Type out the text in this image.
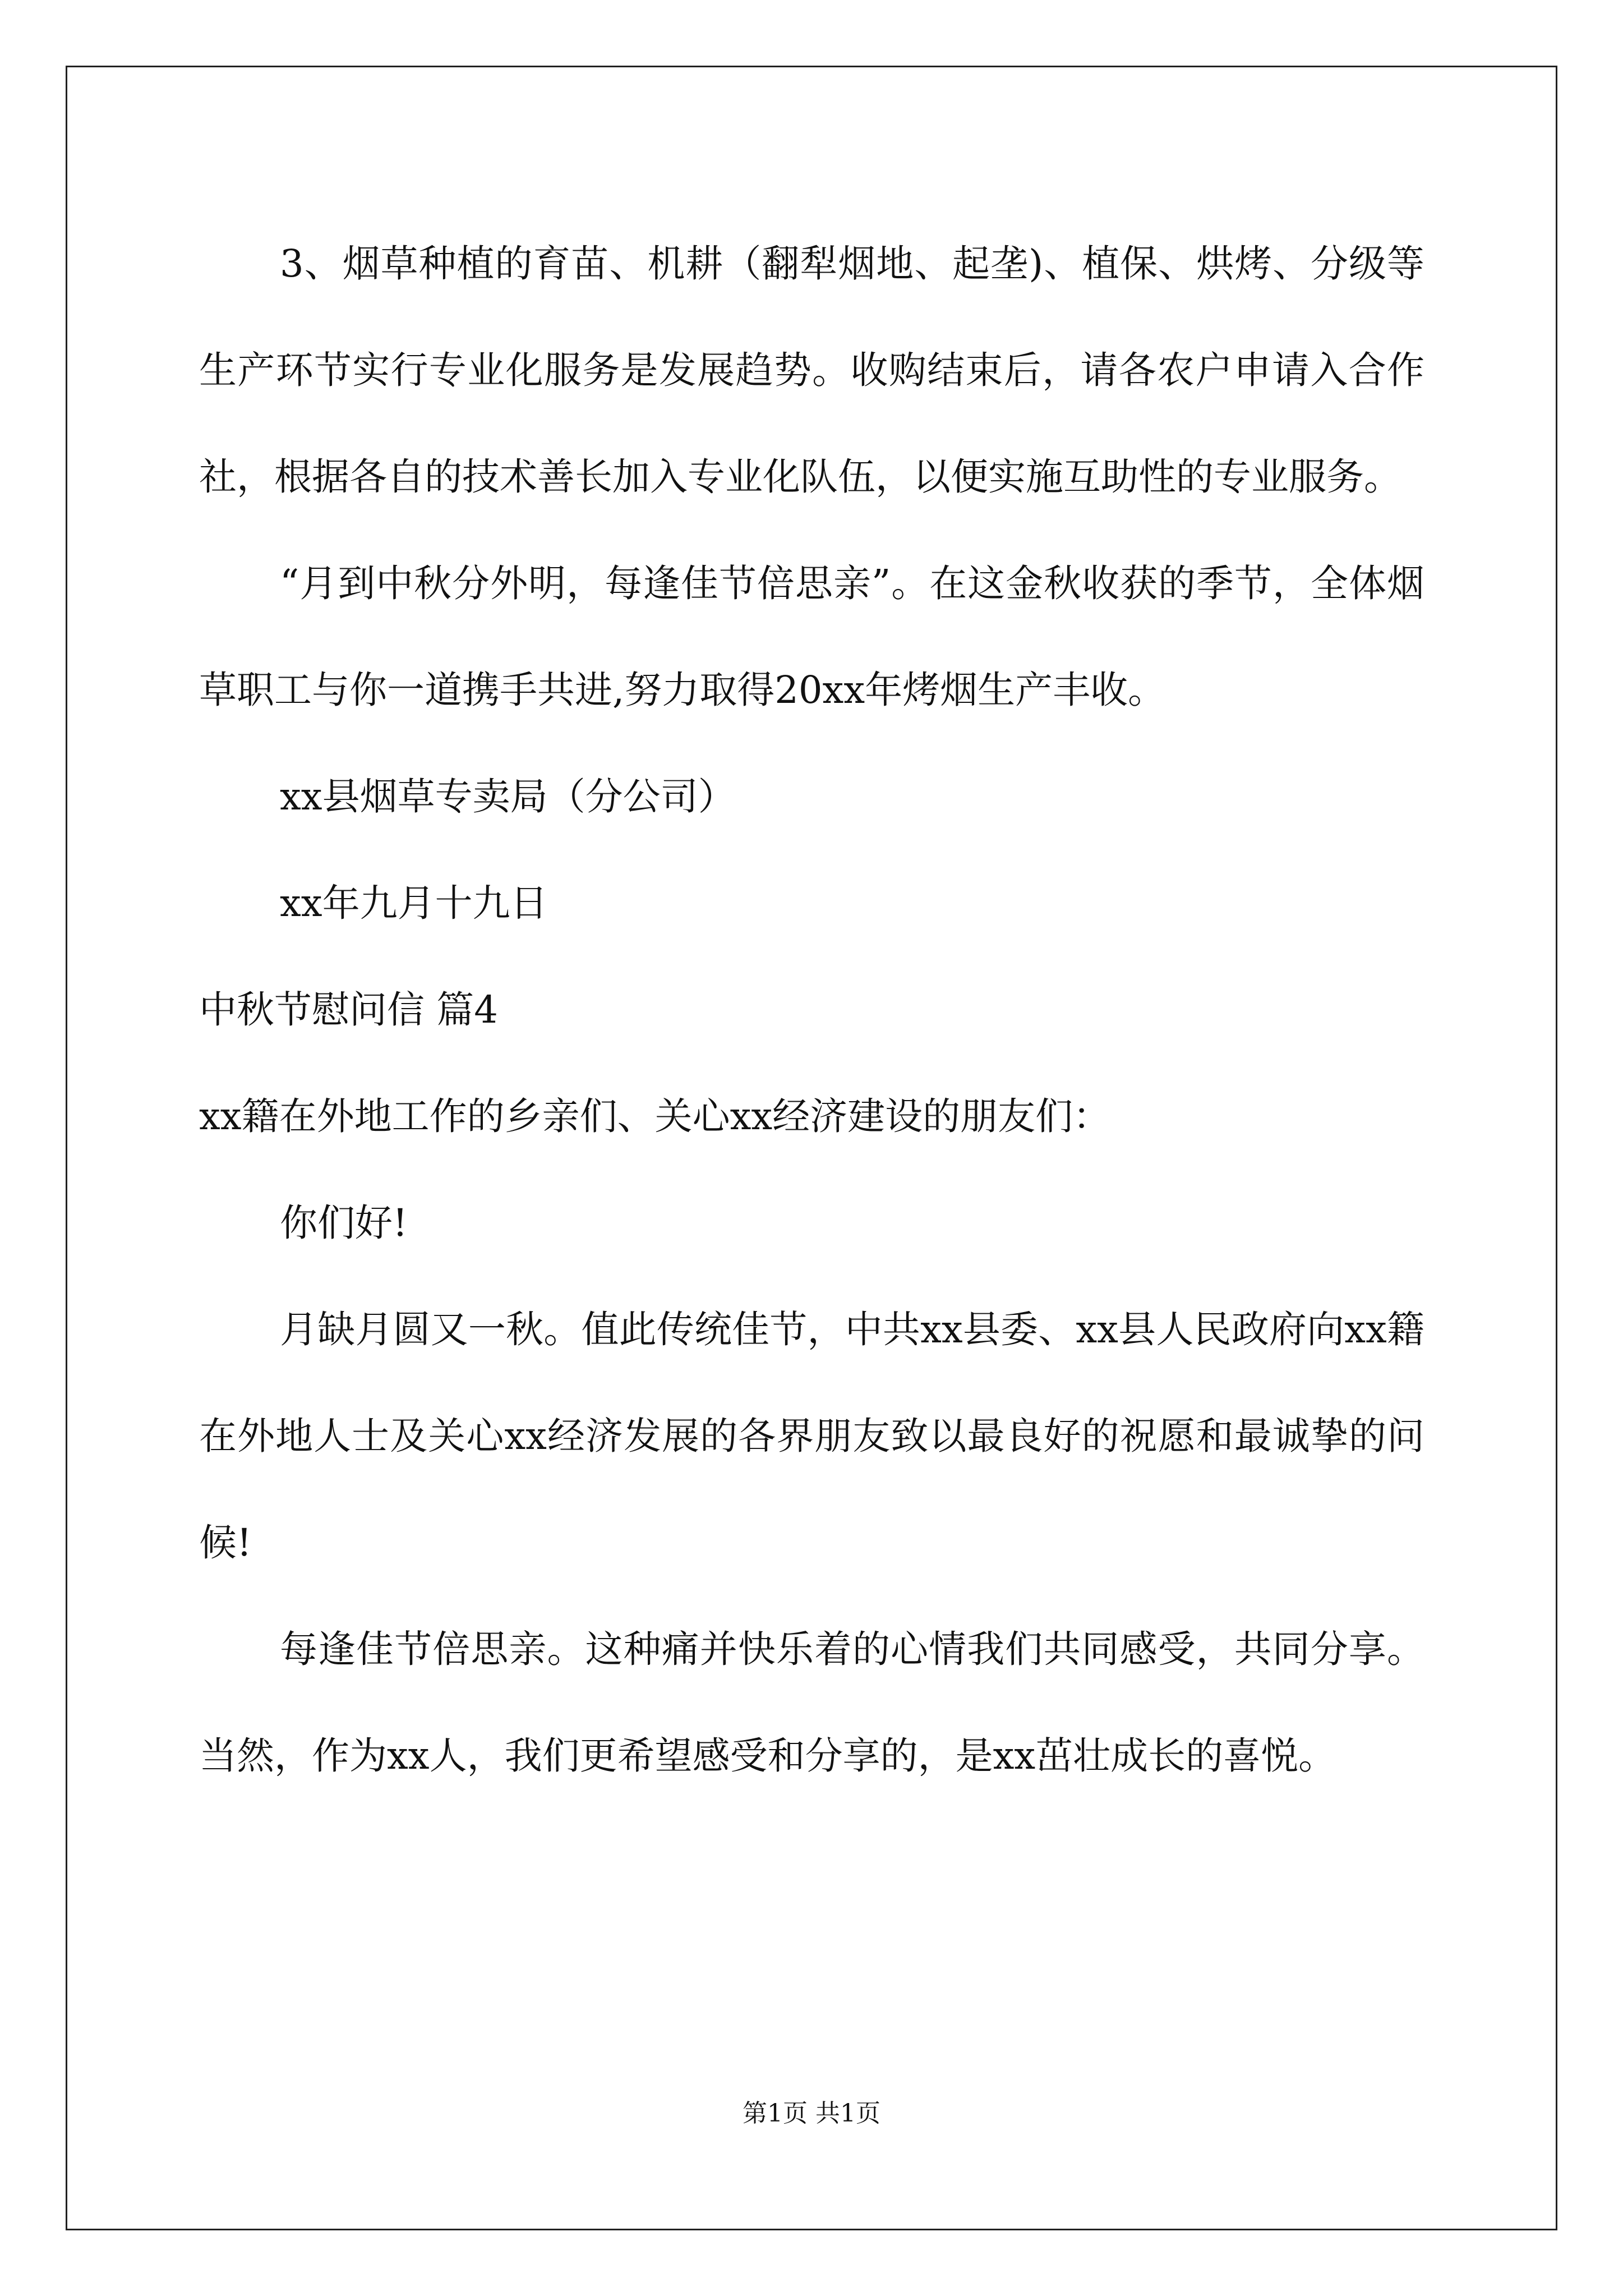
3、烟草种植的育苗、机耕（翻犁烟地、起垄)、植保、烘烤、分级等生产环节实行专业化服务是发展趋势。收购结束后，请各农户申请入合作社，根据各自的技术善长加入专业化队伍，以便实施互助性的专业服务。

“月到中秋分外明，每逢佳节倍思亲”。在这金秋收获的季节，全体烟草职工与你一道携手共进,努力取得20xx年烤烟生产丰收。

xx县烟草专卖局（分公司）

xx年九月十九日

中秋节慰问信 篇4

xx籍在外地工作的乡亲们、关心xx经济建设的朋友们：

你们好!

月缺月圆又一秋。值此传统佳节，中共xx县委、xx县人民政府向xx籍在外地人士及关心xx经济发展的各界朋友致以最良好的祝愿和最诚挚的问候!

每逢佳节倍思亲。这种痛并快乐着的心情我们共同感受，共同分享。当然，作为xx人，我们更希望感受和分享的，是xx茁壮成长的喜悦。

第1页 共1页
